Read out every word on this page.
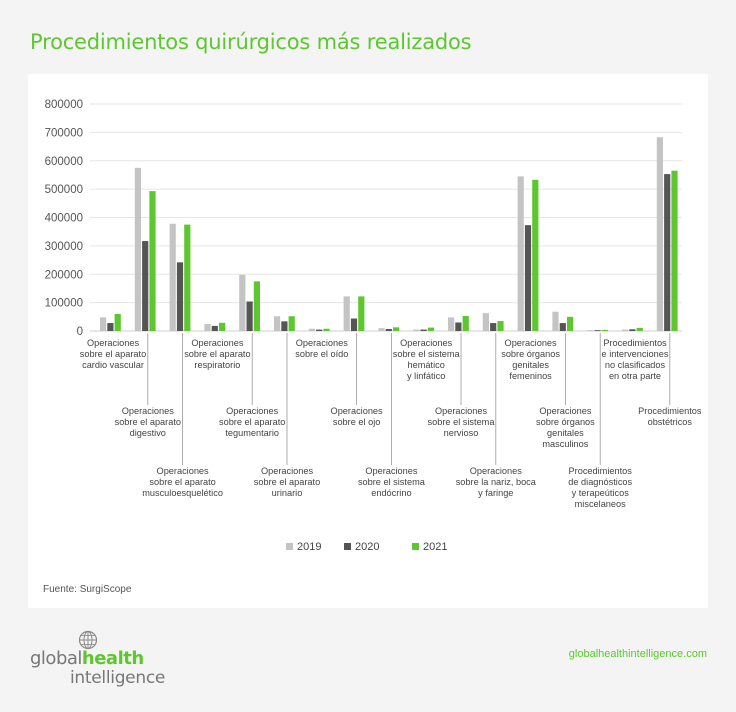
Procedimientos quirúrgicos más realizados
0
100000
200000
300000
400000
500000
600000
700000
800000
Operaciones sobre el aparato cardio vascular
Operaciones sobre el aparato digestivo
Operaciones sobre el aparato musculoesquelético
Operaciones sobre el aparato respiratorio
Operaciones sobre el aparato tegumentario
Operaciones sobre el aparato urinario
Operaciones sobre el oído
Operaciones sobre el ojo
Operaciones sobre el sistema endócrino
Operaciones sobre el sistema hemático y linfático
Operaciones sobre el sistema nervioso
Operaciones sobre la nariz, boca y faringe
Operaciones sobre órganos genitales femeninos
Operaciones sobre órganos genitales masculinos
Procedimientos de diagnósticos y terapeúticos miscelaneos
Procedimientos e intervenciones no clasificados en otra parte
Procedimientos obstétricos
2019	2020	2021
Fuente: SurgiScope
globalhealth
intelligence
globalhealthintelligence.com
